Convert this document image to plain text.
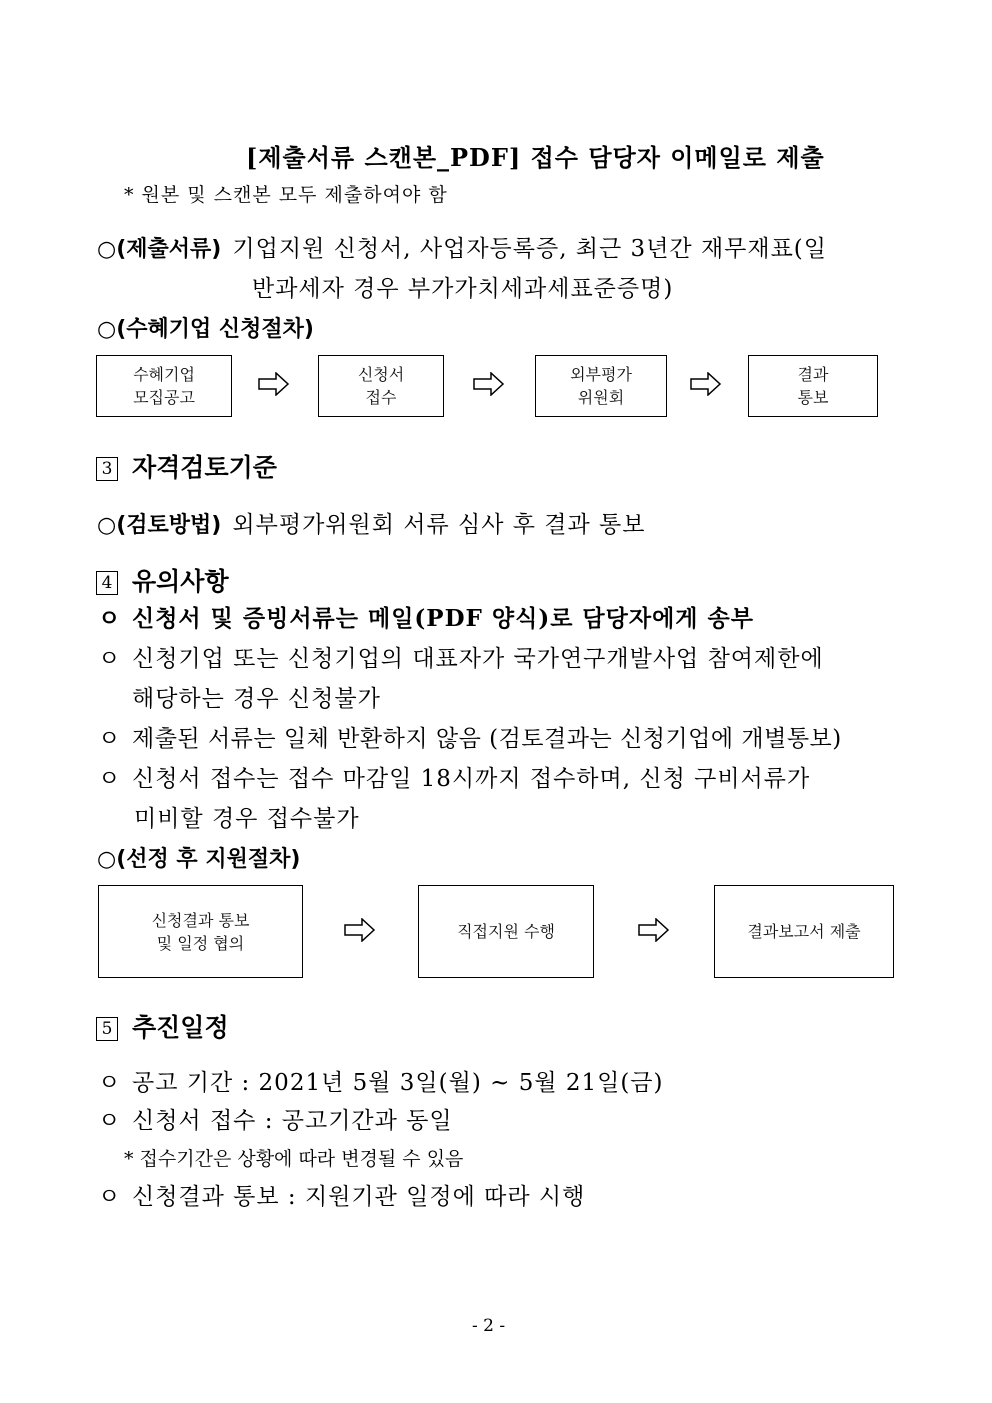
[제출서류 스캔본_PDF] 접수 담당자 이메일로 제출
* 원본 및 스캔본 모두 제출하여야 함
○(제출서류) 기업지원 신청서, 사업자등록증, 최근 3년간 재무재표(일
반과세자 경우 부가가치세과세표준증명)
○(수혜기업 신청절차)
수혜기업
모집공고
신청서
접수
외부평가
위원회
결과
통보
3 자격검토기준
○(검토방법) 외부평가위원회 서류 심사 후 결과 통보
4 유의사항
ㅇ 신청서 및 증빙서류는 메일(PDF 양식)로 담당자에게 송부
ㅇ 신청기업 또는 신청기업의 대표자가 국가연구개발사업 참여제한에
해당하는 경우 신청불가
ㅇ 제출된 서류는 일체 반환하지 않음 (검토결과는 신청기업에 개별통보)
ㅇ 신청서 접수는 접수 마감일 18시까지 접수하며, 신청 구비서류가
미비할 경우 접수불가
○(선정 후 지원절차)
신청결과 통보
및 일정 협의
직접지원 수행	결과보고서 제출
5 추진일정
ㅇ 공고 기간 : 2021년 5월 3일(월) ~ 5월 21일(금)
ㅇ 신청서 접수 : 공고기간과 동일
* 접수기간은 상황에 따라 변경될 수 있음
ㅇ 신청결과 통보 : 지원기관 일정에 따라 시행
- 2 -
